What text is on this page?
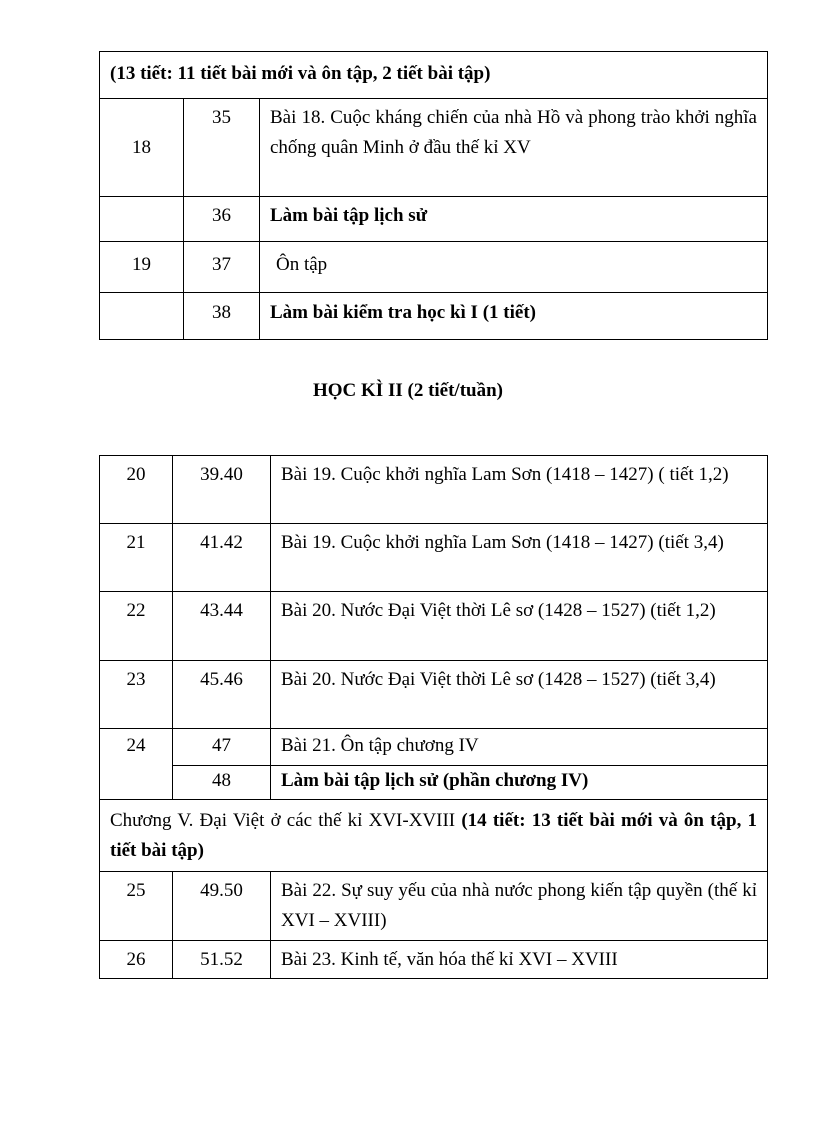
(13 tiết: 11 tiết bài mới và ôn tập, 2 tiết bài tập)		
18	35	Bài 18. Cuộc kháng chiến của nhà Hồ và phong trào khởi nghĩa chống quân Minh ở đầu thế kỉ XV
	36	Làm bài tập lịch sử
19	37	Ôn tập
	38	Làm bài kiểm tra học kì I (1 tiết)
HỌC KÌ II (2 tiết/tuần)
20	39.40	Bài 19. Cuộc khởi nghĩa Lam Sơn (1418 – 1427) ( tiết 1,2)
21	41.42	Bài 19. Cuộc khởi nghĩa Lam Sơn (1418 – 1427) (tiết 3,4)
22	43.44	Bài 20. Nước Đại Việt thời Lê sơ (1428 – 1527) (tiết 1,2)
23	45.46	Bài 20. Nước Đại Việt thời Lê sơ (1428 – 1527) (tiết 3,4)
24	47	Bài 21. Ôn tập chương IV
	48	Làm bài tập lịch sử (phần chương IV)
Chương V. Đại Việt ở các thế kỉ XVI-XVIII (14 tiết: 13 tiết bài mới và ôn tập, 1 tiết bài tập)		
25	49.50	Bài 22. Sự suy yếu của nhà nước phong kiến tập quyền (thế kỉ XVI – XVIII)
26	51.52	Bài 23. Kinh tế, văn hóa thế kỉ XVI – XVIII
